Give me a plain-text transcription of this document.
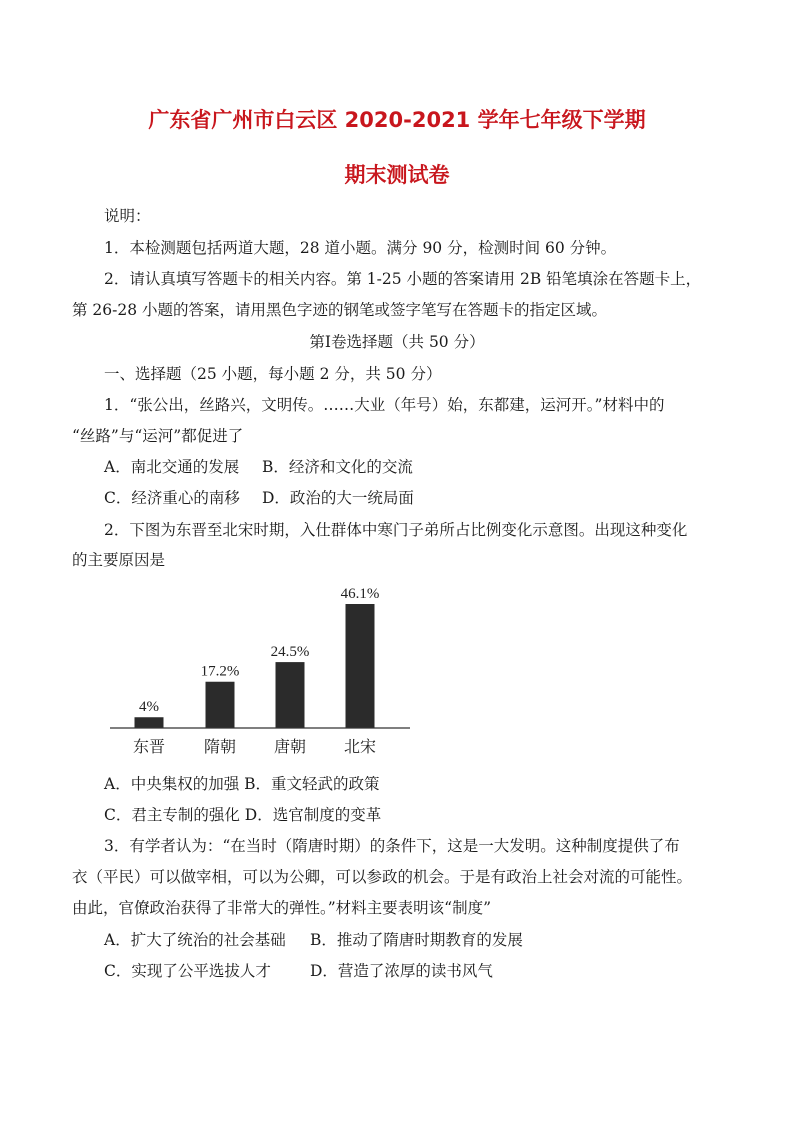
广东省广州市白云区 2020-2021 学年七年级下学期
期末测试卷
说明：
1．本检测题包括两道大题，28 道小题。满分 90 分，检测时间 60 分钟。
2．请认真填写答题卡的相关内容。第 1-25 小题的答案请用 2B 铅笔填涂在答题卡上，
第 26-28 小题的答案，请用黑色字迹的钢笔或签字笔写在答题卡的指定区域。
第Ⅰ卷选择题（共 50 分）
一、选择题（25 小题，每小题 2 分，共 50 分）
1．“张公出，丝路兴，文明传。……大业（年号）始，东都建，运河开。”材料中的
“丝路”与“运河”都促进了
A．南北交通的发展 B．经济和文化的交流
C．经济重心的南移 D．政治的大一统局面
2．下图为东晋至北宋时期，入仕群体中寒门子弟所占比例变化示意图。出现这种变化
的主要原因是
4%
东晋
17.2%
隋朝
24.5%
唐朝
46.1%
北宋
A．中央集权的加强 B．重文轻武的政策
C．君主专制的强化 D．选官制度的变革
3．有学者认为：“在当时（隋唐时期）的条件下，这是一大发明。这种制度提供了布
衣（平民）可以做宰相，可以为公卿，可以参政的机会。于是有政治上社会对流的可能性。
由此，官僚政治获得了非常大的弹性。”材料主要表明该“制度”
A．扩大了统治的社会基础 B．推动了隋唐时期教育的发展
C．实现了公平选拔人才	D．营造了浓厚的读书风气
